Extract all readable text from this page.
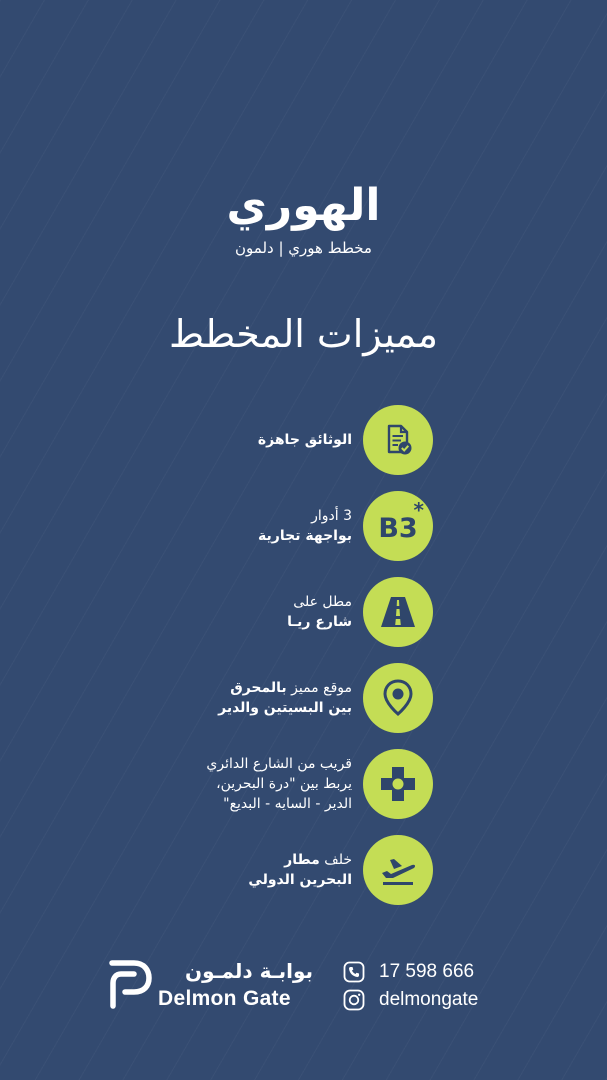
الهوري
مخطط هوري | دلمون
مميزات المخطط
الوثائق جاهزة
B3
*
3 أدوار
بواجهة تجارية
مطل على
شارع ريـا
موقع مميز بالمحرق
بين البسيتين والدير
قريب من الشارع الدائري
يربط بين "درة البحرين،
الدير - السايه - البديع"
خلف مطار
البحرين الدولي
بوابـة دلمـون
Delmon Gate
17 598 666
delmongate
